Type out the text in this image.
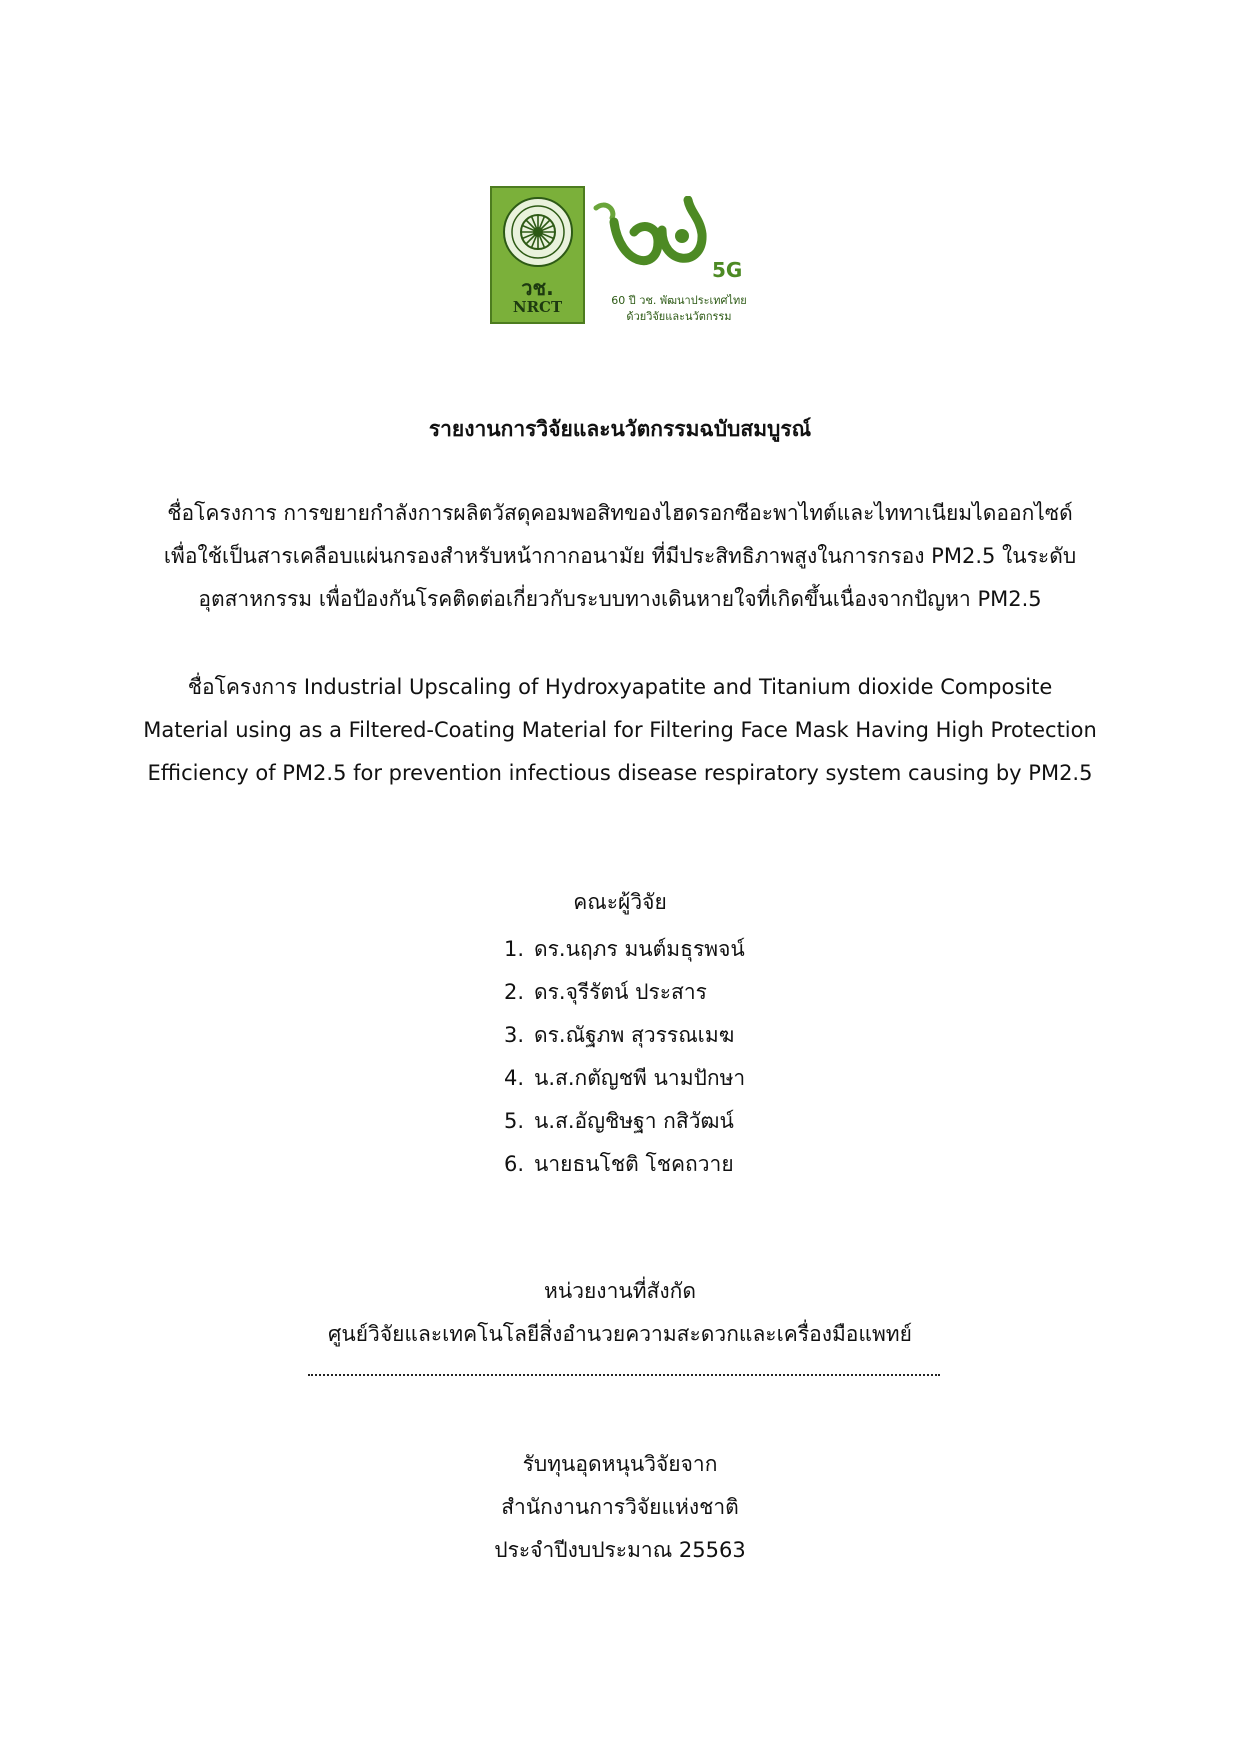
วช.
NRCT
5G
60 ปี วช. พัฒนาประเทศไทย
ด้วยวิจัยและนวัตกรรม
รายงานการวิจัยและนวัตกรรมฉบับสมบูรณ์
ชื่อโครงการ การขยายกำลังการผลิตวัสดุคอมพอสิทของไฮดรอกซีอะพาไทต์และไททาเนียมไดออกไซด์
เพื่อใช้เป็นสารเคลือบแผ่นกรองสำหรับหน้ากากอนามัย ที่มีประสิทธิภาพสูงในการกรอง PM2.5 ในระดับ
อุตสาหกรรม เพื่อป้องกันโรคติดต่อเกี่ยวกับระบบทางเดินหายใจที่เกิดขึ้นเนื่องจากปัญหา PM2.5
ชื่อโครงการ Industrial Upscaling of Hydroxyapatite and Titanium dioxide Composite
Material using as a Filtered-Coating Material for Filtering Face Mask Having High Protection
Efficiency of PM2.5 for prevention infectious disease respiratory system causing by PM2.5
คณะผู้วิจัย
1. ดร.นฤภร มนต์มธุรพจน์
2. ดร.จุรีรัตน์ ประสาร
3. ดร.ณัฐภพ สุวรรณเมฆ
4. น.ส.กตัญชพี นามปักษา
5. น.ส.อัญชิษฐา กสิวัฒน์
6. นายธนโชติ โชคถวาย
หน่วยงานที่สังกัด
ศูนย์วิจัยและเทคโนโลยีสิ่งอำนวยความสะดวกและเครื่องมือแพทย์
รับทุนอุดหนุนวิจัยจาก
สำนักงานการวิจัยแห่งชาติ
ประจำปีงบประมาณ 25563
